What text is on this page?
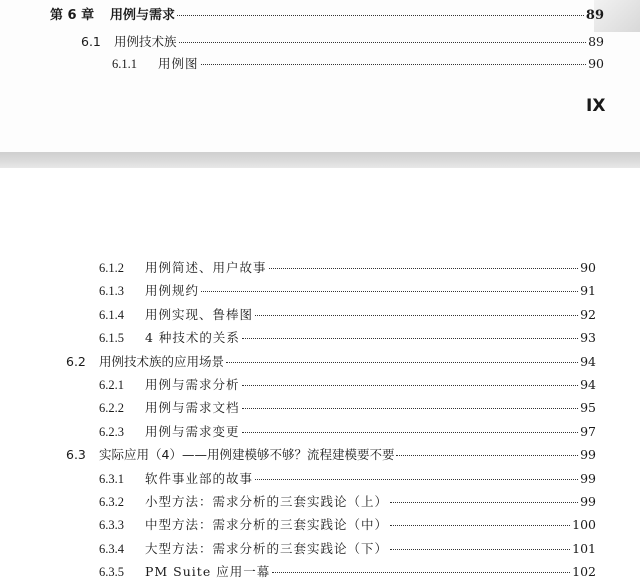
第 6 章	用例与需求	89
6.1	用例技术族	89
6.1.1	用例图	90
IX
6.1.2	用例简述、用户故事	90
6.1.3	用例规约	91
6.1.4	用例实现、鲁棒图	92
6.1.5	4 种技术的关系	93
6.2	用例技术族的应用场景	94
6.2.1	用例与需求分析	94
6.2.2	用例与需求文档	95
6.2.3	用例与需求变更	97
6.3	实际应用（4）——用例建模够不够？流程建模要不要	99
6.3.1	软件事业部的故事	99
6.3.2	小型方法：需求分析的三套实践论（上）	99
6.3.3	中型方法：需求分析的三套实践论（中）	100
6.3.4	大型方法：需求分析的三套实践论（下）	101
6.3.5	PM Suite 应用一幕	102
